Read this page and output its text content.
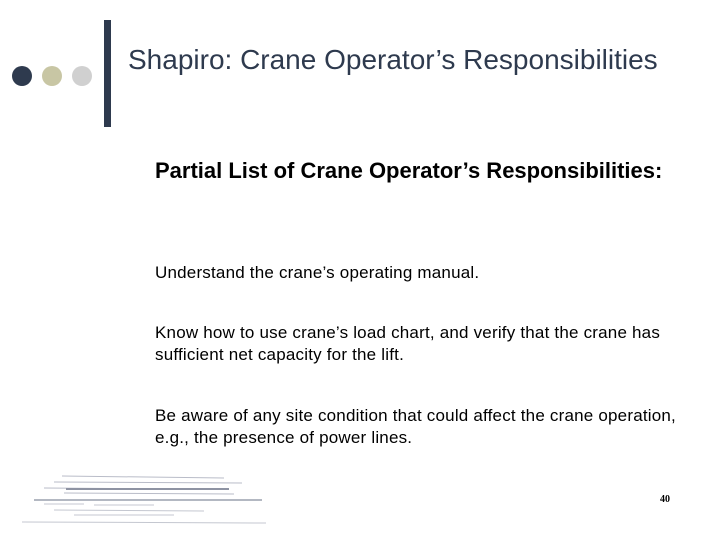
Shapiro: Crane Operator’s Responsibilities
Partial List of Crane Operator’s Responsibilities:
Understand the crane’s operating manual.
Know how to use crane’s load chart, and verify that the crane has sufficient net capacity for the lift.
Be aware of any site condition that could affect the crane operation, e.g., the presence of power lines.
40
